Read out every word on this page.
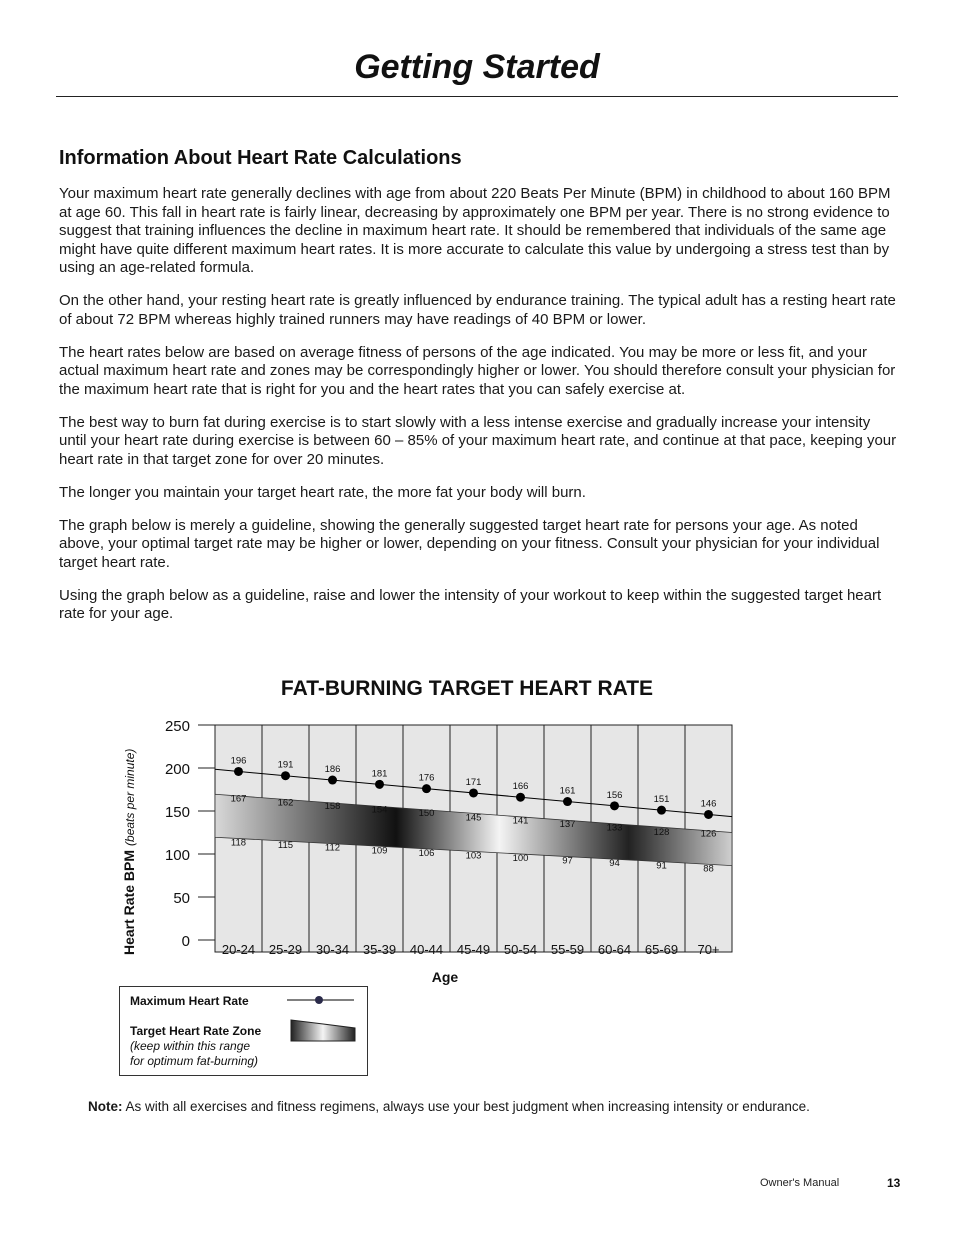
Getting Started
Information About Heart Rate Calculations

Your maximum heart rate generally declines with age from about 220 Beats Per Minute (BPM) in childhood to about 160 BPM at age 60. This fall in heart rate is fairly linear, decreasing by approximately one BPM per year. There is no strong evidence to suggest that training influences the decline in maximum heart rate. It should be remembered that individuals of the same age might have quite different maximum heart rates. It is more accurate to calculate this value by undergoing a stress test than by using an age-related formula.

On the other hand, your resting heart rate is greatly influenced by endurance training. The typical adult has a resting heart rate of about 72 BPM whereas highly trained runners may have readings of 40 BPM or lower.

The heart rates below are based on average fitness of persons of the age indicated. You may be more or less fit, and your actual maximum heart rate and zones may be correspondingly higher or lower. You should therefore consult your physician for the maximum heart rate that is right for you and the heart rates that you can safely exercise at.

The best way to burn fat during exercise is to start slowly with a less intense exercise and gradually increase your intensity until your heart rate during exercise is between 60 – 85% of your maximum heart rate, and continue at that pace, keeping your heart rate in that target zone for over 20 minutes.

The longer you maintain your target heart rate, the more fat your body will burn.

The graph below is merely a guideline, showing the generally suggested target heart rate for persons your age. As noted above, your optimal target rate may be higher or lower, depending on your fitness. Consult your physician for your individual target heart rate.

Using the graph below as a guideline, raise and lower the intensity of your workout to keep within the suggested target heart rate for your age.

FAT-BURNING TARGET HEART RATE
196	191	186	181	176	171	166	161	156	151	146
167	162	158	154	150	145	141	137	133	128	126
118	115	112	109	106	103	100	97	94	91	88
0
50
100
150
200
250
20-24 25-29 30-34 35-39 40-44 45-49 50-54 55-59 60-64 65-69 70+
Age
Heart Rate BPM(beats per minute)
Maximum Heart Rate
Target Heart Rate Zone
(keep within this range
for optimum fat-burning)
Note: As with all exercises and fitness regimens, always use your best judgment when increasing intensity or endurance.
Owner's Manual	13
